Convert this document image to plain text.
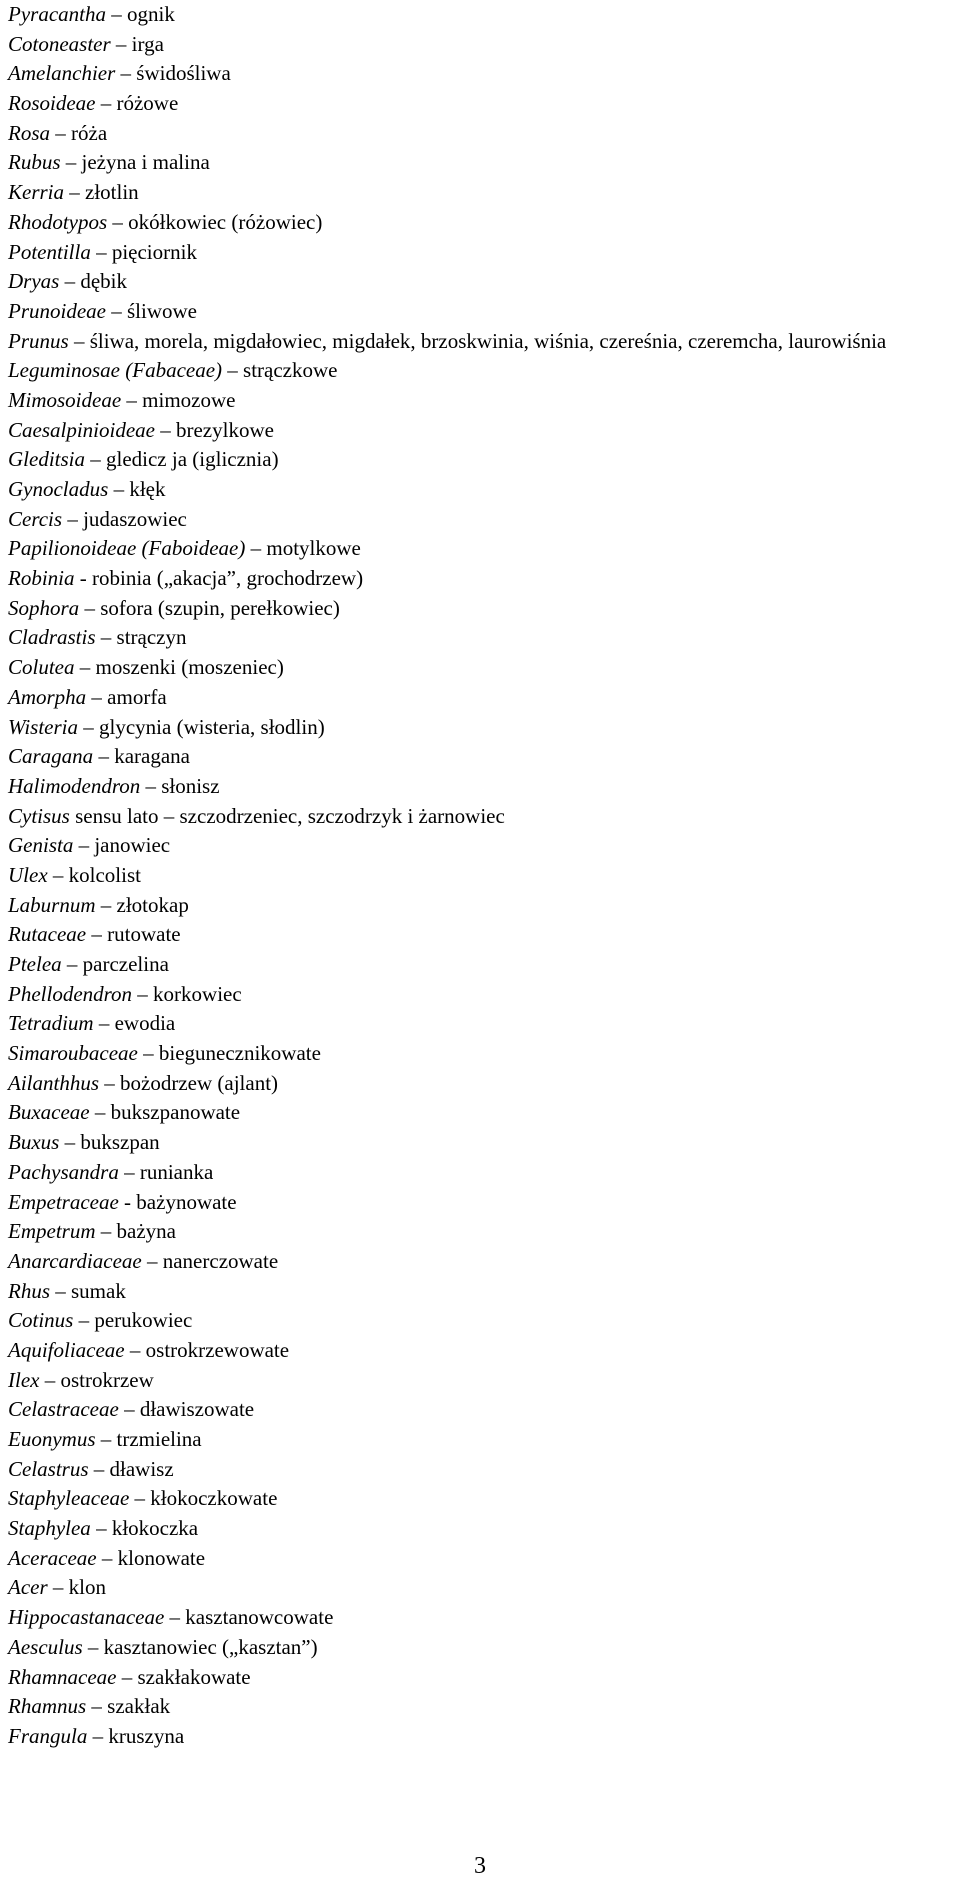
Pyracantha – ognik
Cotoneaster – irga
Amelanchier – świdośliwa
Rosoideae – różowe
Rosa – róża
Rubus – jeżyna i malina
Kerria – złotlin
Rhodotypos – okółkowiec (różowiec)
Potentilla – pięciornik
Dryas – dębik
Prunoideae – śliwowe
Prunus – śliwa, morela, migdałowiec, migdałek, brzoskwinia, wiśnia, czereśnia, czeremcha, laurowiśnia
Leguminosae (Fabaceae) – strączkowe
Mimosoideae – mimozowe
Caesalpinioideae – brezylkowe
Gleditsia – gledicz ja (iglicznia)
Gynocladus – kłęk
Cercis – judaszowiec
Papilionoideae (Faboideae) – motylkowe
Robinia - robinia („akacja”, grochodrzew)
Sophora – sofora (szupin, perełkowiec)
Cladrastis – strączyn
Colutea – moszenki (moszeniec)
Amorpha – amorfa
Wisteria – glycynia (wisteria, słodlin)
Caragana – karagana
Halimodendron – słonisz
Cytisus sensu lato – szczodrzeniec, szczodrzyk i żarnowiec
Genista – janowiec
Ulex – kolcolist
Laburnum – złotokap
Rutaceae – rutowate
Ptelea – parczelina
Phellodendron – korkowiec
Tetradium – ewodia
Simaroubaceae – biegunecznikowate
Ailanthhus – bożodrzew (ajlant)
Buxaceae – bukszpanowate
Buxus – bukszpan
Pachysandra – runianka
Empetraceae - bażynowate
Empetrum – bażyna
Anarcardiaceae – nanerczowate
Rhus – sumak
Cotinus – perukowiec
Aquifoliaceae – ostrokrzewowate
Ilex – ostrokrzew
Celastraceae – dławiszowate
Euonymus – trzmielina
Celastrus – dławisz
Staphyleaceae – kłokoczkowate
Staphylea – kłokoczka
Aceraceae – klonowate
Acer – klon
Hippocastanaceae – kasztanowcowate
Aesculus – kasztanowiec („kasztan”)
Rhamnaceae – szakłakowate
Rhamnus – szakłak
Frangula – kruszyna
3
